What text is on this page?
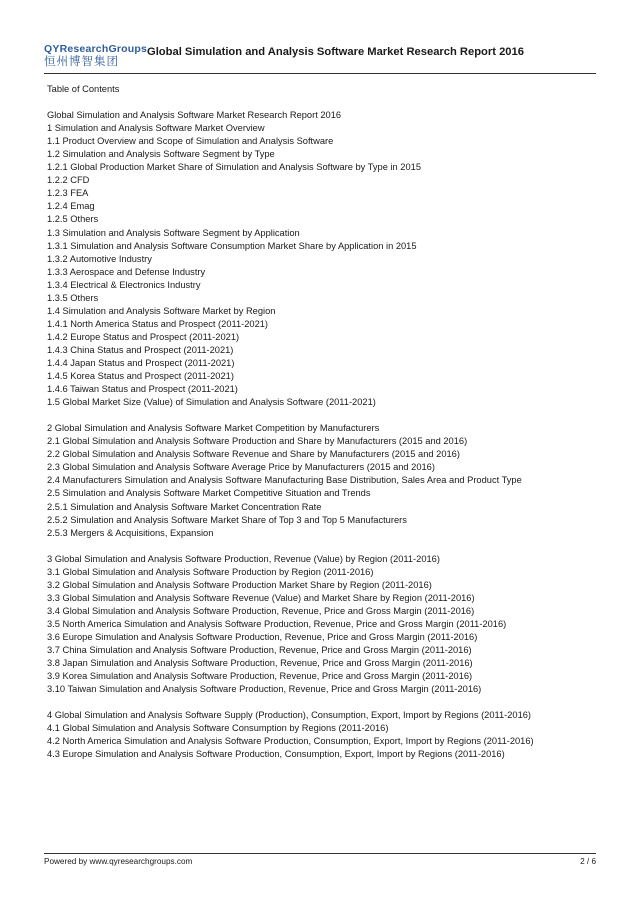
QYResearchGroups
恒州博智集团
Global Simulation and Analysis Software Market Research Report 2016
Table of Contents
Global Simulation and Analysis Software Market Research Report 2016
1 Simulation and Analysis Software Market Overview
1.1 Product Overview and Scope of Simulation and Analysis Software
1.2 Simulation and Analysis Software Segment by Type
1.2.1 Global Production Market Share of Simulation and Analysis Software by Type in 2015
1.2.2 CFD
1.2.3 FEA
1.2.4 Emag
1.2.5 Others
1.3 Simulation and Analysis Software Segment by Application
1.3.1 Simulation and Analysis Software Consumption Market Share by Application in 2015
1.3.2 Automotive Industry
1.3.3 Aerospace and Defense Industry
1.3.4 Electrical & Electronics Industry
1.3.5 Others
1.4 Simulation and Analysis Software Market by Region
1.4.1 North America Status and Prospect (2011-2021)
1.4.2 Europe Status and Prospect (2011-2021)
1.4.3 China Status and Prospect (2011-2021)
1.4.4 Japan Status and Prospect (2011-2021)
1.4.5 Korea Status and Prospect (2011-2021)
1.4.6 Taiwan Status and Prospect (2011-2021)
1.5 Global Market Size (Value) of Simulation and Analysis Software (2011-2021)
2 Global Simulation and Analysis Software Market Competition by Manufacturers
2.1 Global Simulation and Analysis Software Production and Share by Manufacturers (2015 and 2016)
2.2 Global Simulation and Analysis Software Revenue and Share by Manufacturers (2015 and 2016)
2.3 Global Simulation and Analysis Software Average Price by Manufacturers (2015 and 2016)
2.4 Manufacturers Simulation and Analysis Software Manufacturing Base Distribution, Sales Area and Product Type
2.5 Simulation and Analysis Software Market Competitive Situation and Trends
2.5.1 Simulation and Analysis Software Market Concentration Rate
2.5.2 Simulation and Analysis Software Market Share of Top 3 and Top 5 Manufacturers
2.5.3 Mergers & Acquisitions, Expansion
3 Global Simulation and Analysis Software Production, Revenue (Value) by Region (2011-2016)
3.1 Global Simulation and Analysis Software Production by Region (2011-2016)
3.2 Global Simulation and Analysis Software Production Market Share by Region (2011-2016)
3.3 Global Simulation and Analysis Software Revenue (Value) and Market Share by Region (2011-2016)
3.4 Global Simulation and Analysis Software Production, Revenue, Price and Gross Margin (2011-2016)
3.5 North America Simulation and Analysis Software Production, Revenue, Price and Gross Margin (2011-2016)
3.6 Europe Simulation and Analysis Software Production, Revenue, Price and Gross Margin (2011-2016)
3.7 China Simulation and Analysis Software Production, Revenue, Price and Gross Margin (2011-2016)
3.8 Japan Simulation and Analysis Software Production, Revenue, Price and Gross Margin (2011-2016)
3.9 Korea Simulation and Analysis Software Production, Revenue, Price and Gross Margin (2011-2016)
3.10 Taiwan Simulation and Analysis Software Production, Revenue, Price and Gross Margin (2011-2016)
4 Global Simulation and Analysis Software Supply (Production), Consumption, Export, Import by Regions (2011-2016)
4.1 Global Simulation and Analysis Software Consumption by Regions (2011-2016)
4.2 North America Simulation and Analysis Software Production, Consumption, Export, Import by Regions (2011-2016)
4.3 Europe Simulation and Analysis Software Production, Consumption, Export, Import by Regions (2011-2016)
Powered by www.qyresearchgroups.com	2 / 6
